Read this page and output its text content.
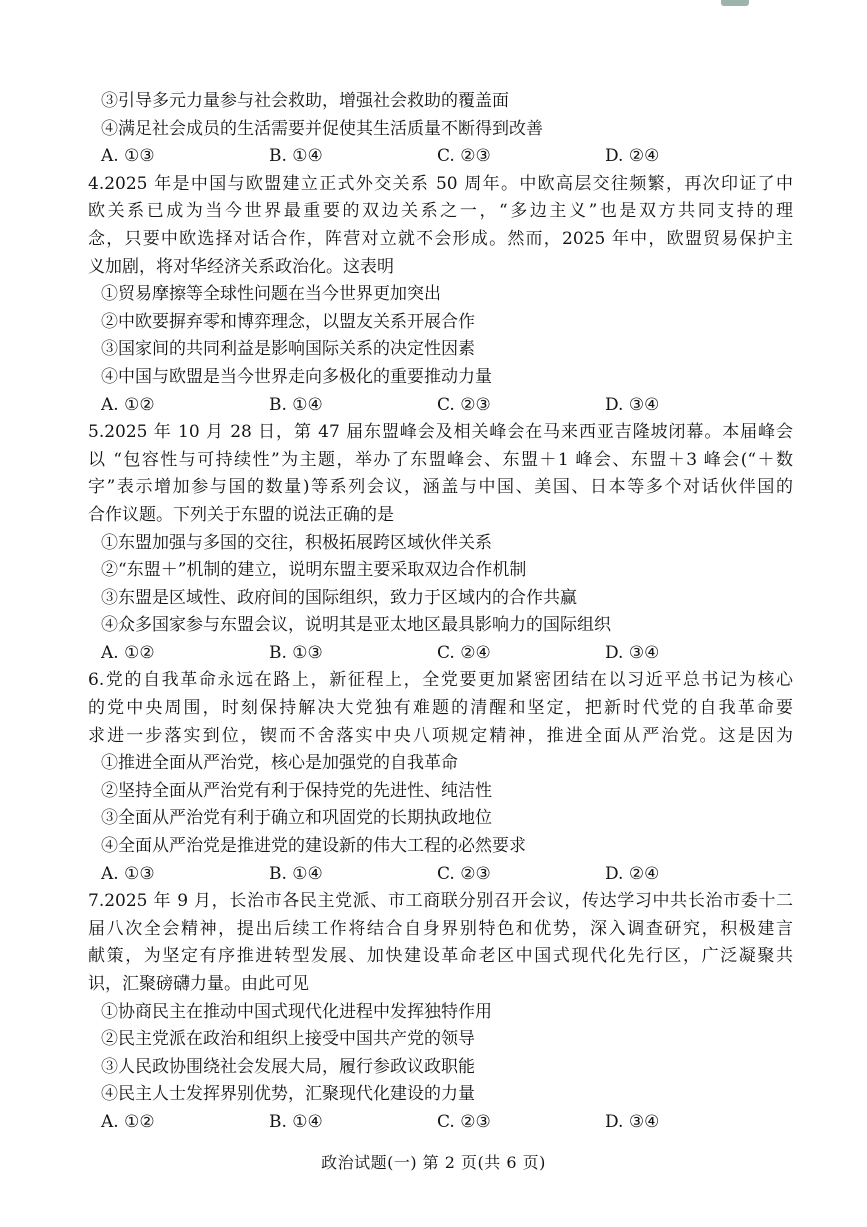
③引导多元力量参与社会救助，增强社会救助的覆盖面
④满足社会成员的生活需要并促使其生活质量不断得到改善
A. ①③	B. ①④	C. ②③	D. ②④
4.2025 年是中国与欧盟建立正式外交关系 50 周年。中欧高层交往频繁，再次印证了中
欧关系已成为当今世界最重要的双边关系之一，“多边主义”也是双方共同支持的理
念，只要中欧选择对话合作，阵营对立就不会形成。然而，2025 年中，欧盟贸易保护主
义加剧，将对华经济关系政治化。这表明
①贸易摩擦等全球性问题在当今世界更加突出
②中欧要摒弃零和博弈理念，以盟友关系开展合作
③国家间的共同利益是影响国际关系的决定性因素
④中国与欧盟是当今世界走向多极化的重要推动力量
A. ①②	B. ①④	C. ②③	D. ③④
5.2025 年 10 月 28 日，第 47 届东盟峰会及相关峰会在马来西亚吉隆坡闭幕。本届峰会
以 “包容性与可持续性”为主题，举办了东盟峰会、东盟＋1 峰会、东盟＋3 峰会(“＋数
字”表示增加参与国的数量)等系列会议，涵盖与中国、美国、日本等多个对话伙伴国的
合作议题。下列关于东盟的说法正确的是
①东盟加强与多国的交往，积极拓展跨区域伙伴关系
②“东盟＋”机制的建立，说明东盟主要采取双边合作机制
③东盟是区域性、政府间的国际组织，致力于区域内的合作共赢
④众多国家参与东盟会议，说明其是亚太地区最具影响力的国际组织
A. ①②	B. ①③	C. ②④	D. ③④
6.党的自我革命永远在路上，新征程上，全党要更加紧密团结在以习近平总书记为核心
的党中央周围，时刻保持解决大党独有难题的清醒和坚定，把新时代党的自我革命要
求进一步落实到位，锲而不舍落实中央八项规定精神，推进全面从严治党。这是因为
①推进全面从严治党，核心是加强党的自我革命
②坚持全面从严治党有利于保持党的先进性、纯洁性
③全面从严治党有利于确立和巩固党的长期执政地位
④全面从严治党是推进党的建设新的伟大工程的必然要求
A. ①③	B. ①④	C. ②③	D. ②④
7.2025 年 9 月，长治市各民主党派、市工商联分别召开会议，传达学习中共长治市委十二
届八次全会精神，提出后续工作将结合自身界别特色和优势，深入调查研究，积极建言
献策，为坚定有序推进转型发展、加快建设革命老区中国式现代化先行区，广泛凝聚共
识，汇聚磅礴力量。由此可见
①协商民主在推动中国式现代化进程中发挥独特作用
②民主党派在政治和组织上接受中国共产党的领导
③人民政协围绕社会发展大局，履行参政议政职能
④民主人士发挥界别优势，汇聚现代化建设的力量
A. ①②	B. ①④	C. ②③	D. ③④
政治试题(一) 第 2 页(共 6 页)
